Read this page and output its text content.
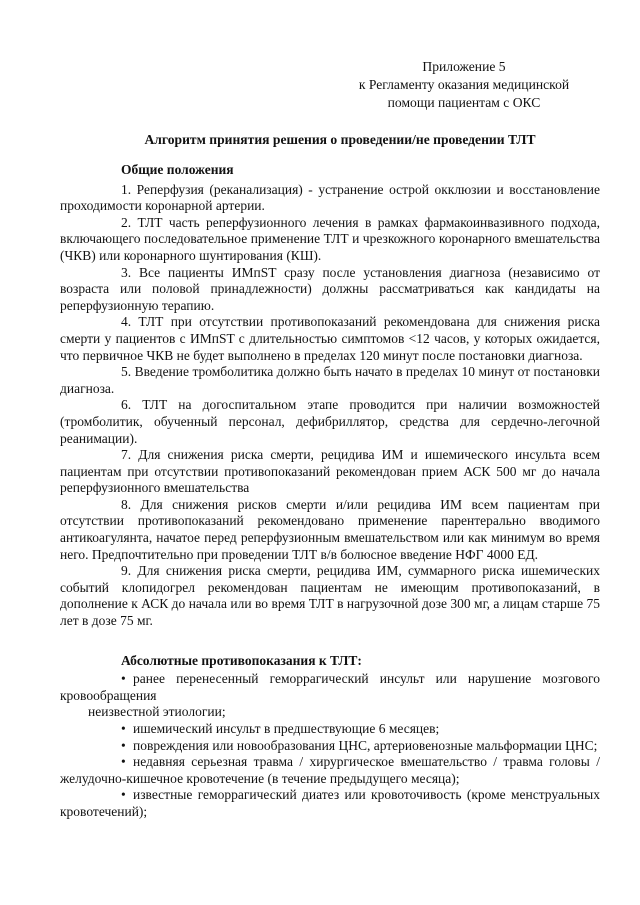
Приложение 5
к Регламенту оказания медицинской
помощи пациентам с ОКС
Алгоритм принятия решения о проведении/не проведении ТЛТ
Общие положения

1. Реперфузия (реканализация) - устранение острой окклюзии и восстановление проходимости коронарной артерии.

2. ТЛТ часть реперфузионного лечения в рамках фармакоинвазивного подхода, включающего последовательное применение ТЛТ и чрезкожного коронарного вмешательства (ЧКВ) или коронарного шунтирования (КШ).

3. Все пациенты ИМпST сразу после установления диагноза (независимо от возраста или половой принадлежности) должны рассматриваться как кандидаты на реперфузионную терапию.

4. ТЛТ при отсутствии противопоказаний рекомендована для снижения риска смерти у пациентов с ИМпST с длительностью симптомов <12 часов, у которых ожидается, что первичное ЧКВ не будет выполнено в пределах 120 минут после постановки диагноза.

5. Введение тромболитика должно быть начато в пределах 10 минут от постановки диагноза.

6. ТЛТ на догоспитальном этапе проводится при наличии возможностей (тромболитик, обученный персонал, дефибриллятор, средства для сердечно-легочной реанимации).

7. Для снижения риска смерти, рецидива ИМ и ишемического инсульта всем пациентам при отсутствии противопоказаний рекомендован прием АСК 500 мг до начала реперфузионного вмешательства

8. Для снижения рисков смерти и/или рецидива ИМ всем пациентам при отсутствии противопоказаний рекомендовано применение парентерально вводимого антикоагулянта, начатое перед реперфузионным вмешательством или как минимум во время него. Предпочтительно при проведении ТЛТ в/в болюсное введение НФГ 4000 ЕД.

9. Для снижения риска смерти, рецидива ИМ, суммарного риска ишемических событий клопидогрел рекомендован пациентам не имеющим противопоказаний, в дополнение к АСК до начала или во время ТЛТ в нагрузочной дозе 300 мг, а лицам старше 75 лет в дозе 75 мг.

Абсолютные противопоказания к ТЛТ:

• ранее перенесенный геморрагический инсульт или нарушение мозгового кровообращения

неизвестной этиологии;

• ишемический инсульт в предшествующие 6 месяцев;

• повреждения или новообразования ЦНС, артериовенозные мальформации ЦНС;

• недавняя серьезная травма / хирургическое вмешательство / травма головы / желудочно-кишечное кровотечение (в течение предыдущего месяца);

• известные геморрагический диатез или кровоточивость (кроме менструальных кровотечений);
